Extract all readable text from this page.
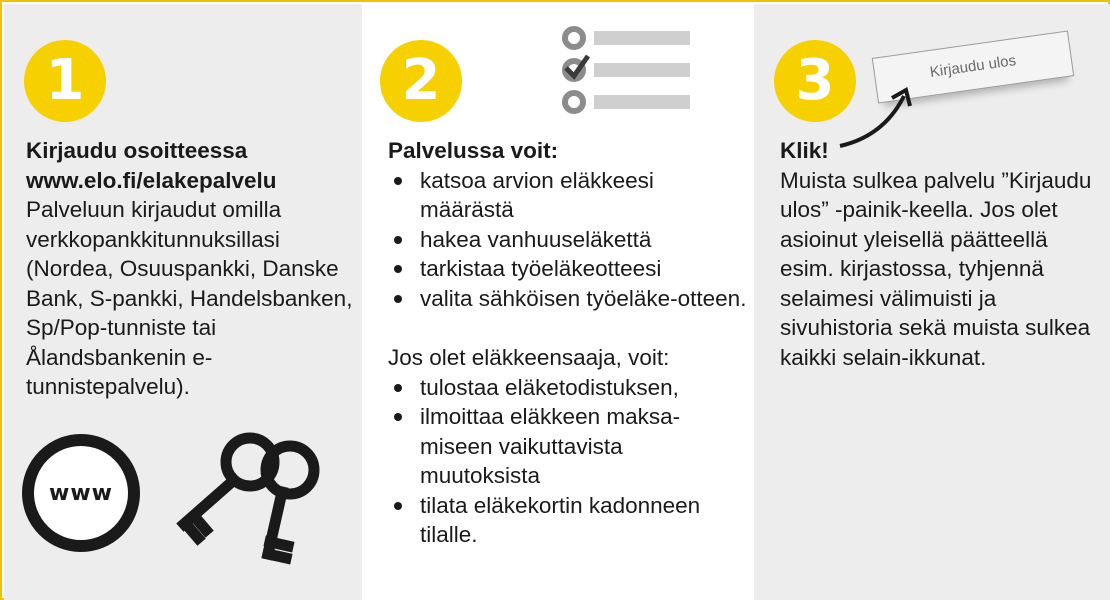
1
Kirjaudu osoitteessa
www.elo.fi/elakepalvelu
Palveluun kirjaudut omilla verkkopankkitunnuksillasi (Nordea, Osuuspankki, Danske Bank, S-pankki, Handelsbanken, Sp/Pop-tunniste tai Ålandsbankenin e-tunnistepalvelu).
www
2
Palvelussa voit:
katsoa arvion eläkkeesi määrästä
hakea vanhuuseläkettä
tarkistaa työeläkeotteesi
valita sähköisen työeläke-otteen.
Jos olet eläkkeensaaja, voit:
tulostaa eläketodistuksen,
ilmoittaa eläkkeen maksa-miseen vaikuttavista muutoksista
tilata eläkekortin kadonneen tilalle.
3	Kirjaudu ulos
Klik!
Muista sulkea palvelu ”Kirjaudu ulos” -painik-keella. Jos olet asioinut yleisellä päätteellä esim. kirjastossa, tyhjennä selaimesi välimuisti ja sivuhistoria sekä muista sulkea kaikki selain-ikkunat.
